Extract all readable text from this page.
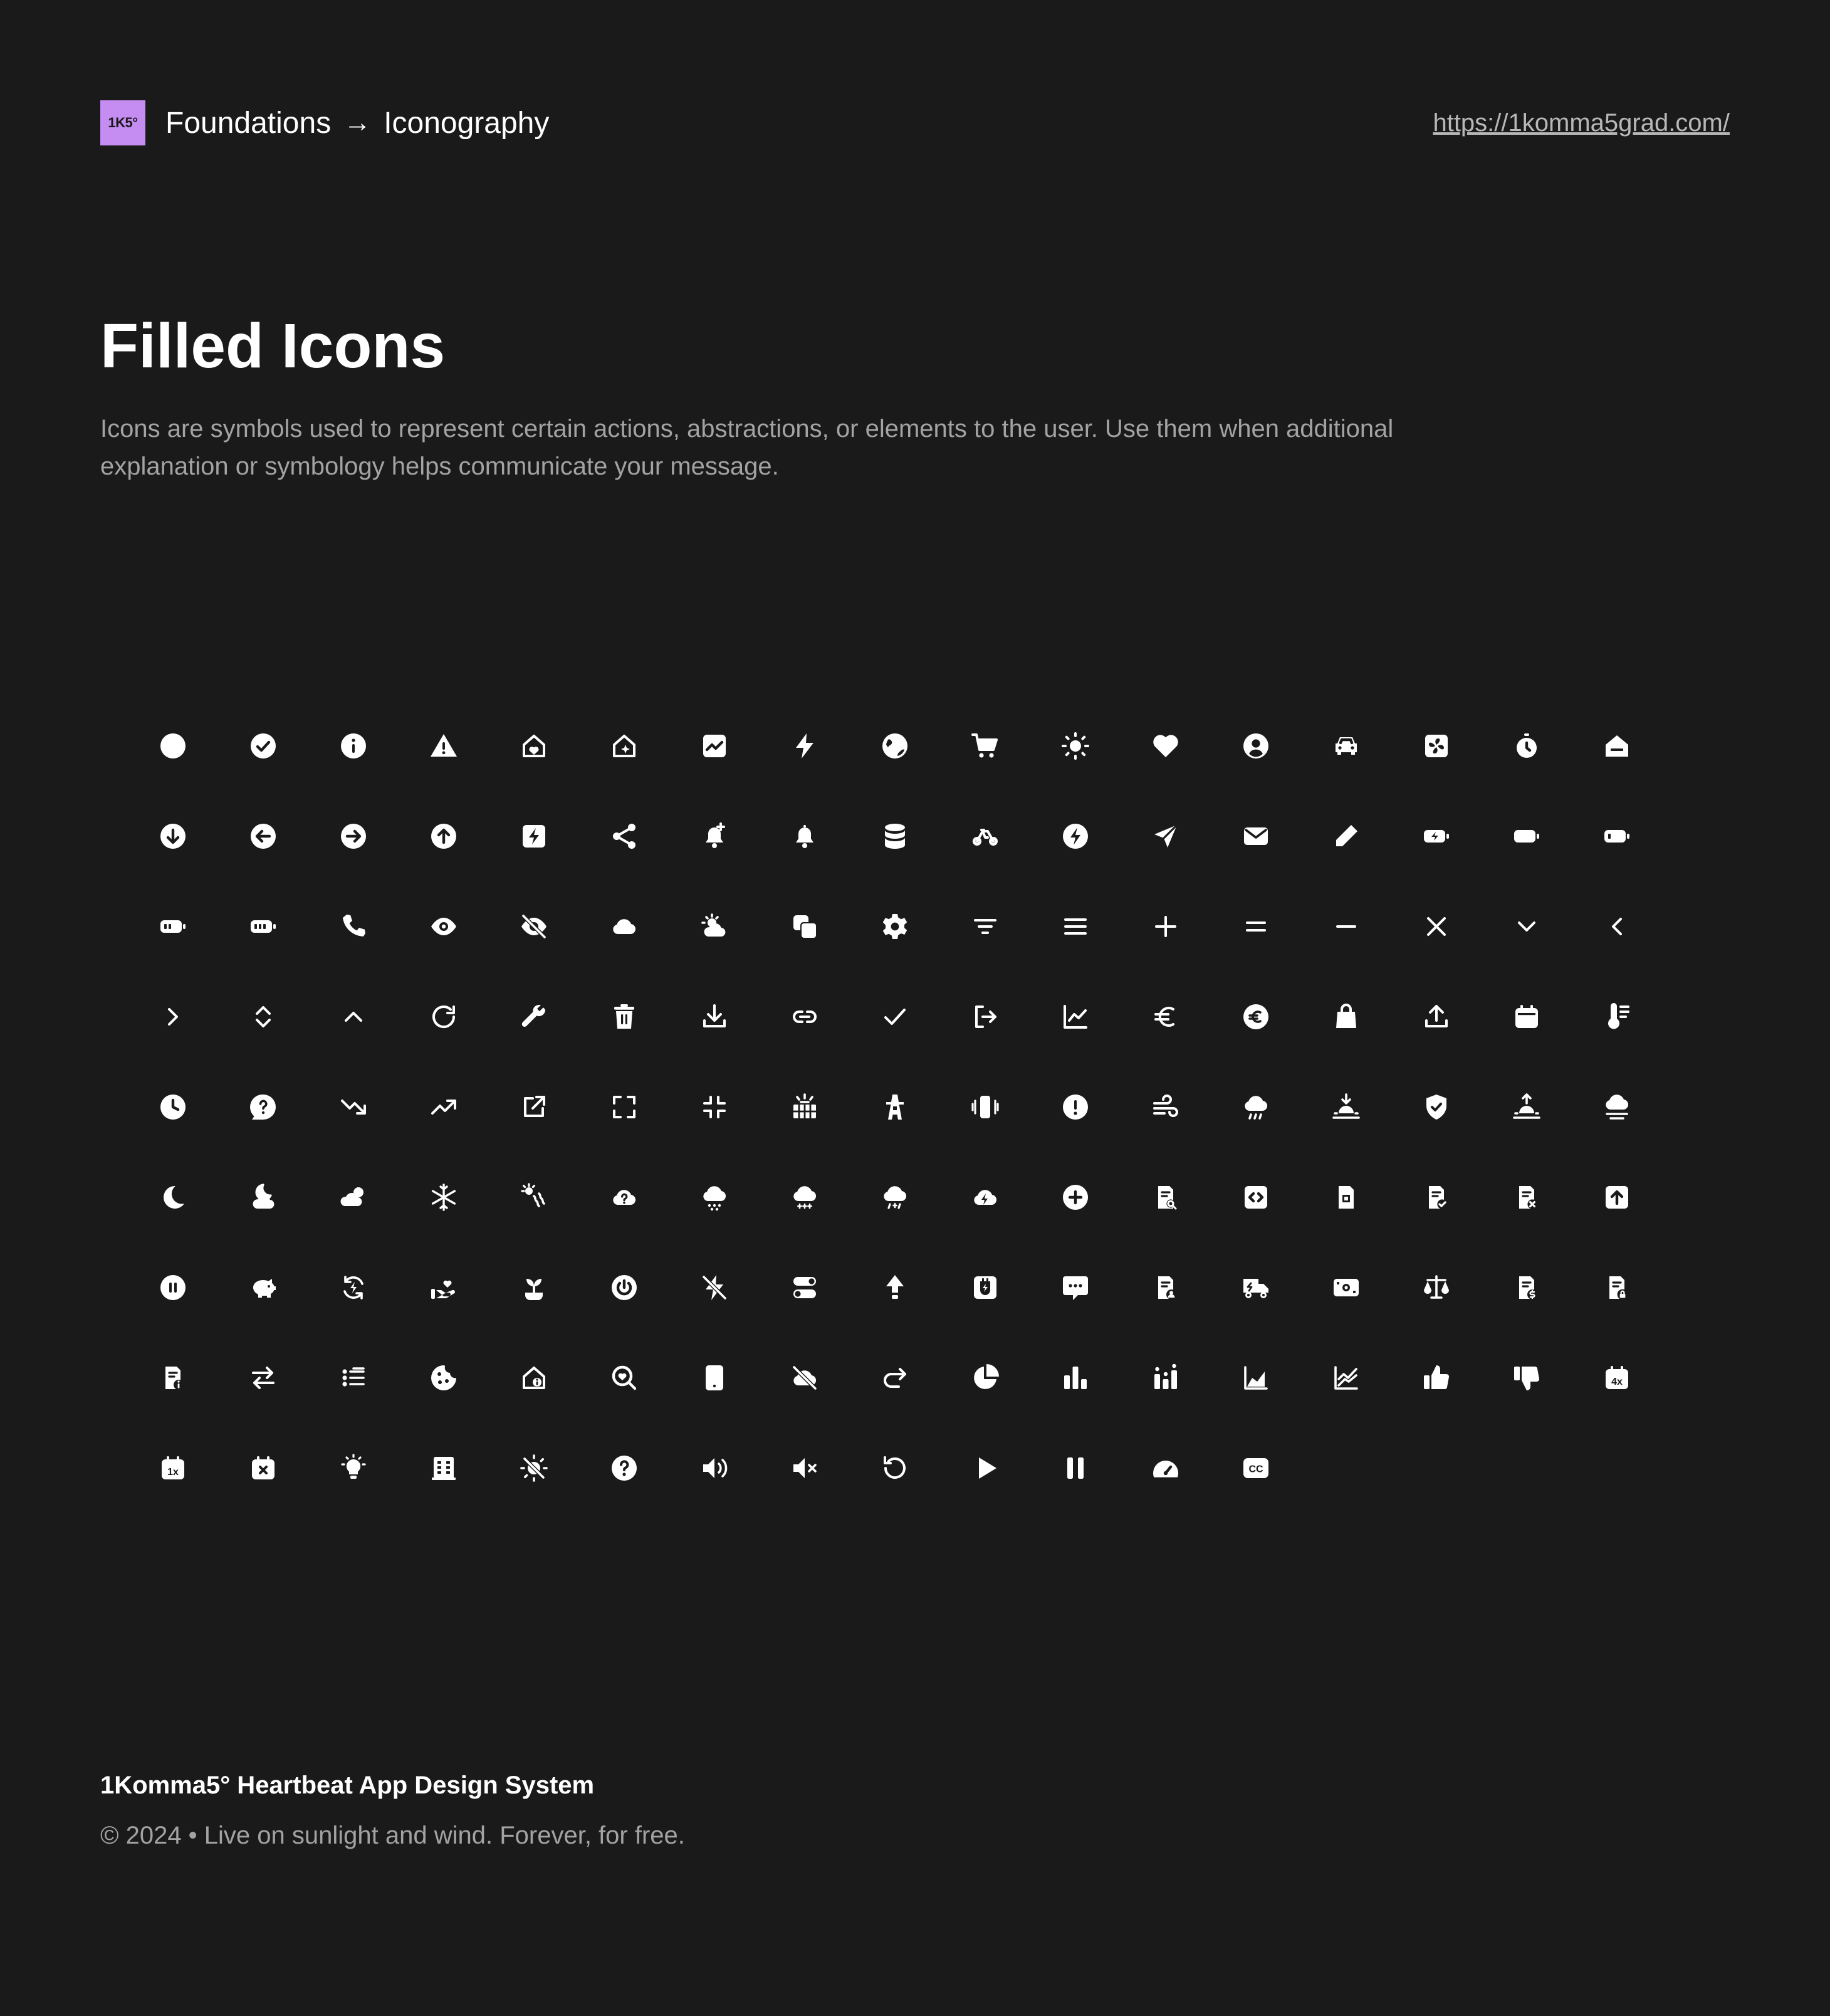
1K5° Foundations → Iconography	https://1komma5grad.com/
Filled Icons

Icons are symbols used to represent certain actions, abstractions, or elements to the user. Use them when additional explanation or symbology helps communicate your message.

4x
1x	CC

1Komma5° Heartbeat App Design System

© 2024 • Live on sunlight and wind. Forever, for free.
